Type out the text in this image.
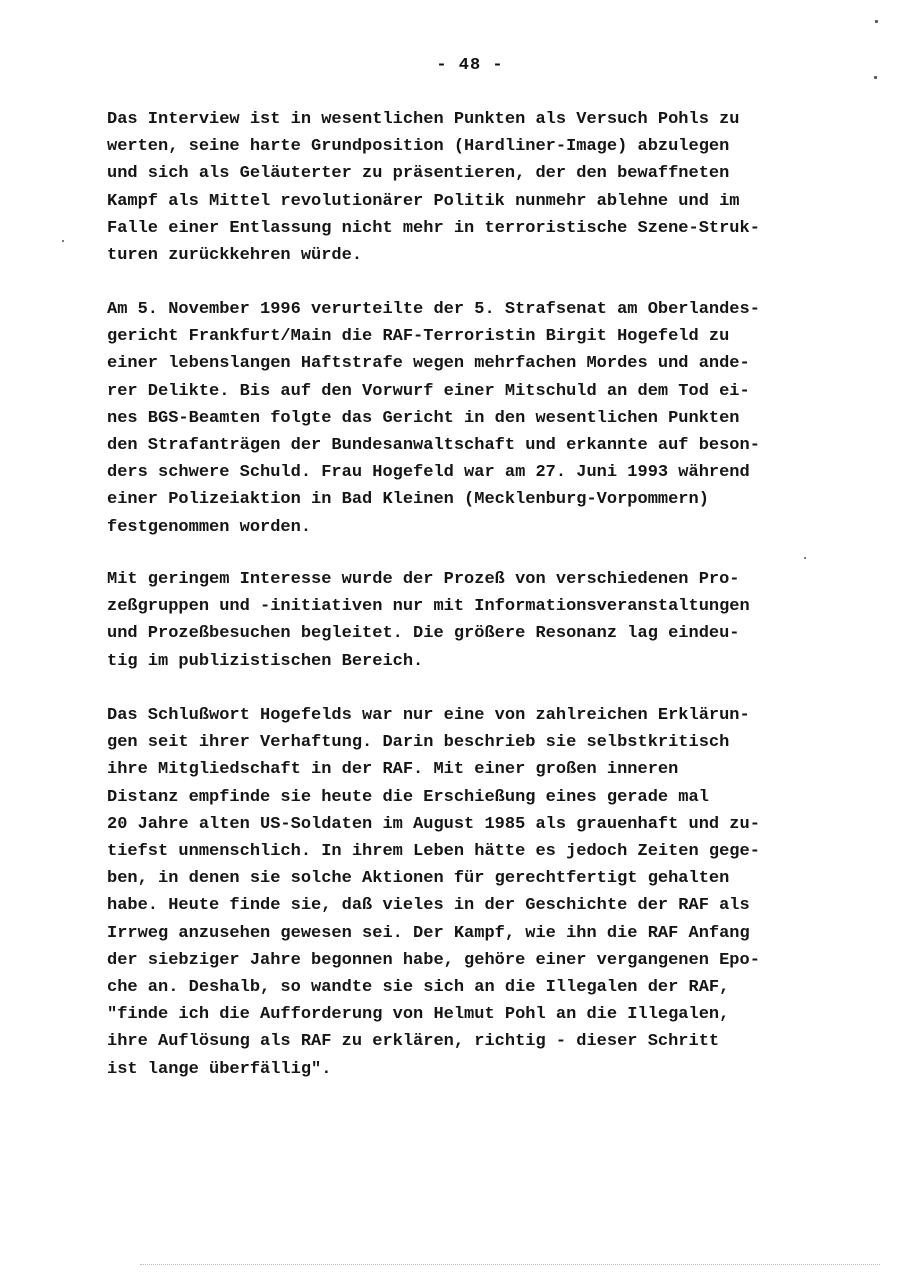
- 48 -

Das Interview ist in wesentlichen Punkten als Versuch Pohls zu
werten, seine harte Grundposition (Hardliner-Image) abzulegen
und sich als Geläuterter zu präsentieren, der den bewaffneten
Kampf als Mittel revolutionärer Politik nunmehr ablehne und im
Falle einer Entlassung nicht mehr in terroristische Szene-Struk-
turen zurückkehren würde.

Am 5. November 1996 verurteilte der 5. Strafsenat am Oberlandes-
gericht Frankfurt/Main die RAF-Terroristin Birgit Hogefeld zu
einer lebenslangen Haftstrafe wegen mehrfachen Mordes und ande-
rer Delikte. Bis auf den Vorwurf einer Mitschuld an dem Tod ei-
nes BGS-Beamten folgte das Gericht in den wesentlichen Punkten
den Strafanträgen der Bundesanwaltschaft und erkannte auf beson-
ders schwere Schuld. Frau Hogefeld war am 27. Juni 1993 während
einer Polizeiaktion in Bad Kleinen (Mecklenburg-Vorpommern)
festgenommen worden.

Mit geringem Interesse wurde der Prozeß von verschiedenen Pro-
zeßgruppen und -initiativen nur mit Informationsveranstaltungen
und Prozeßbesuchen begleitet. Die größere Resonanz lag eindeu-
tig im publizistischen Bereich.

Das Schlußwort Hogefelds war nur eine von zahlreichen Erklärun-
gen seit ihrer Verhaftung. Darin beschrieb sie selbstkritisch
ihre Mitgliedschaft in der RAF. Mit einer großen inneren
Distanz empfinde sie heute die Erschießung eines gerade mal
20 Jahre alten US-Soldaten im August 1985 als grauenhaft und zu-
tiefst unmenschlich. In ihrem Leben hätte es jedoch Zeiten gege-
ben, in denen sie solche Aktionen für gerechtfertigt gehalten
habe. Heute finde sie, daß vieles in der Geschichte der RAF als
Irrweg anzusehen gewesen sei. Der Kampf, wie ihn die RAF Anfang
der siebziger Jahre begonnen habe, gehöre einer vergangenen Epo-
che an. Deshalb, so wandte sie sich an die Illegalen der RAF,
"finde ich die Aufforderung von Helmut Pohl an die Illegalen,
ihre Auflösung als RAF zu erklären, richtig - dieser Schritt
ist lange überfällig".
